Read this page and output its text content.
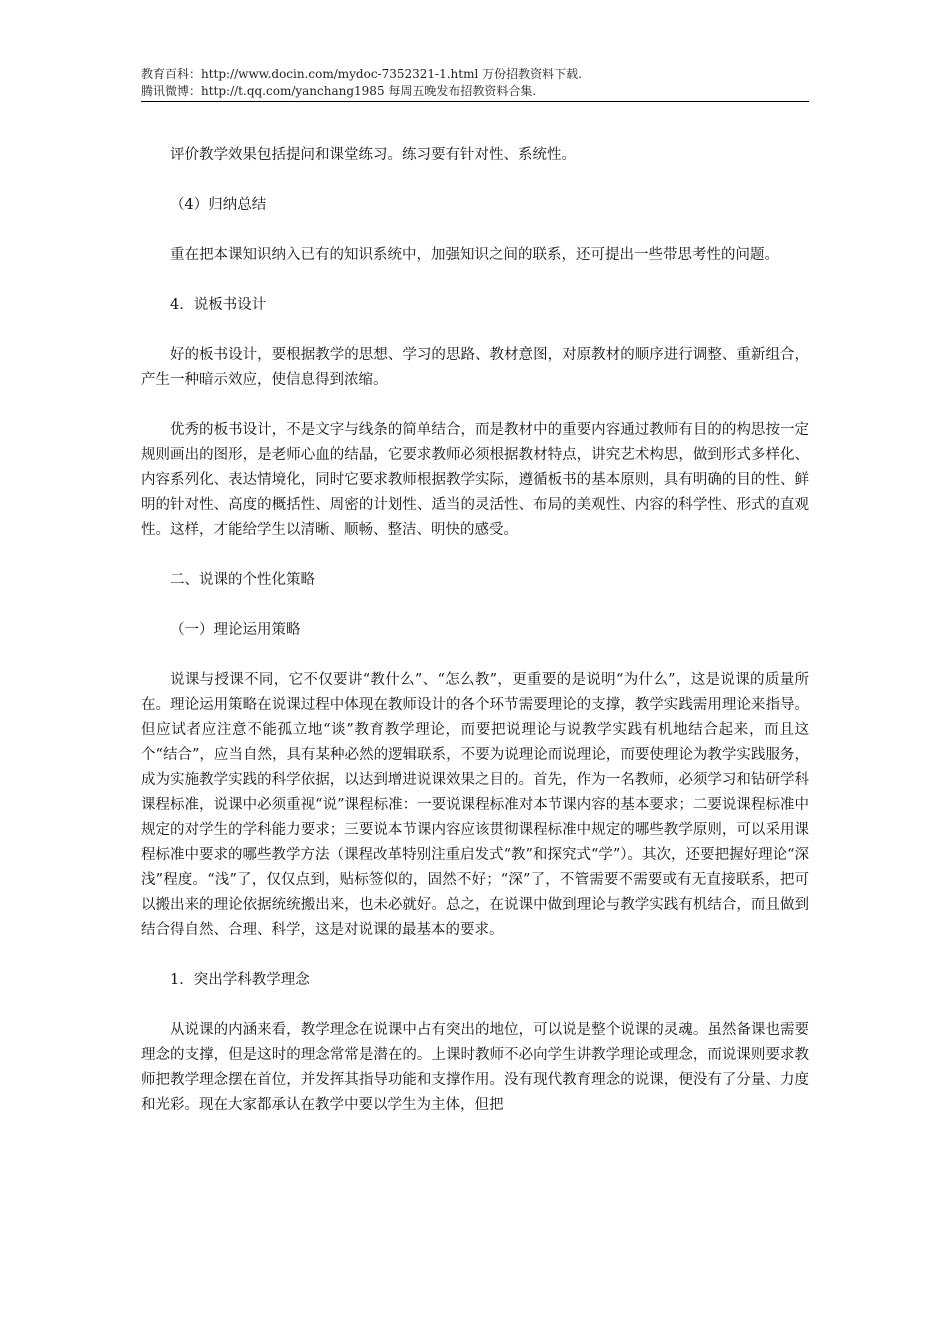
教育百科：http://www.docin.com/mydoc-7352321-1.html 万份招教资料下载.
腾讯微博：http://t.qq.com/yanchang1985 每周五晚发布招教资料合集.

评价教学效果包括提问和课堂练习。练习要有针对性、系统性。

（4）归纳总结

重在把本课知识纳入已有的知识系统中，加强知识之间的联系，还可提出一些带思考性的问题。

4．说板书设计

好的板书设计，要根据教学的思想、学习的思路、教材意图，对原教材的顺序进行调整、重新组合，产生一种暗示效应，使信息得到浓缩。

优秀的板书设计，不是文字与线条的简单结合，而是教材中的重要内容通过教师有目的的构思按一定规则画出的图形，是老师心血的结晶，它要求教师必须根据教材特点，讲究艺术构思，做到形式多样化、内容系列化、表达情境化，同时它要求教师根据教学实际，遵循板书的基本原则，具有明确的目的性、鲜明的针对性、高度的概括性、周密的计划性、适当的灵活性、布局的美观性、内容的科学性、形式的直观性。这样，才能给学生以清晰、顺畅、整洁、明快的感受。

二、说课的个性化策略

（一）理论运用策略

说课与授课不同，它不仅要讲“教什么”、“怎么教”，更重要的是说明“为什么”，这是说课的质量所在。理论运用策略在说课过程中体现在教师设计的各个环节需要理论的支撑，教学实践需用理论来指导。但应试者应注意不能孤立地“谈”教育教学理论，而要把说理论与说教学实践有机地结合起来，而且这个“结合”，应当自然，具有某种必然的逻辑联系，不要为说理论而说理论，而要使理论为教学实践服务，成为实施教学实践的科学依据，以达到增进说课效果之目的。首先，作为一名教师，必须学习和钻研学科课程标准，说课中必须重视“说”课程标准：一要说课程标准对本节课内容的基本要求；二要说课程标准中规定的对学生的学科能力要求；三要说本节课内容应该贯彻课程标准中规定的哪些教学原则，可以采用课程标准中要求的哪些教学方法（课程改革特别注重启发式“教”和探究式“学”）。其次，还要把握好理论“深浅”程度。“浅”了，仅仅点到，贴标签似的，固然不好；“深”了，不管需要不需要或有无直接联系，把可以搬出来的理论依据统统搬出来，也未必就好。总之，在说课中做到理论与教学实践有机结合，而且做到结合得自然、合理、科学，这是对说课的最基本的要求。

1．突出学科教学理念

从说课的内涵来看，教学理念在说课中占有突出的地位，可以说是整个说课的灵魂。虽然备课也需要理念的支撑，但是这时的理念常常是潜在的。上课时教师不必向学生讲教学理论或理念，而说课则要求教师把教学理念摆在首位，并发挥其指导功能和支撑作用。没有现代教育理念的说课，便没有了分量、力度和光彩。现在大家都承认在教学中要以学生为主体，但把
